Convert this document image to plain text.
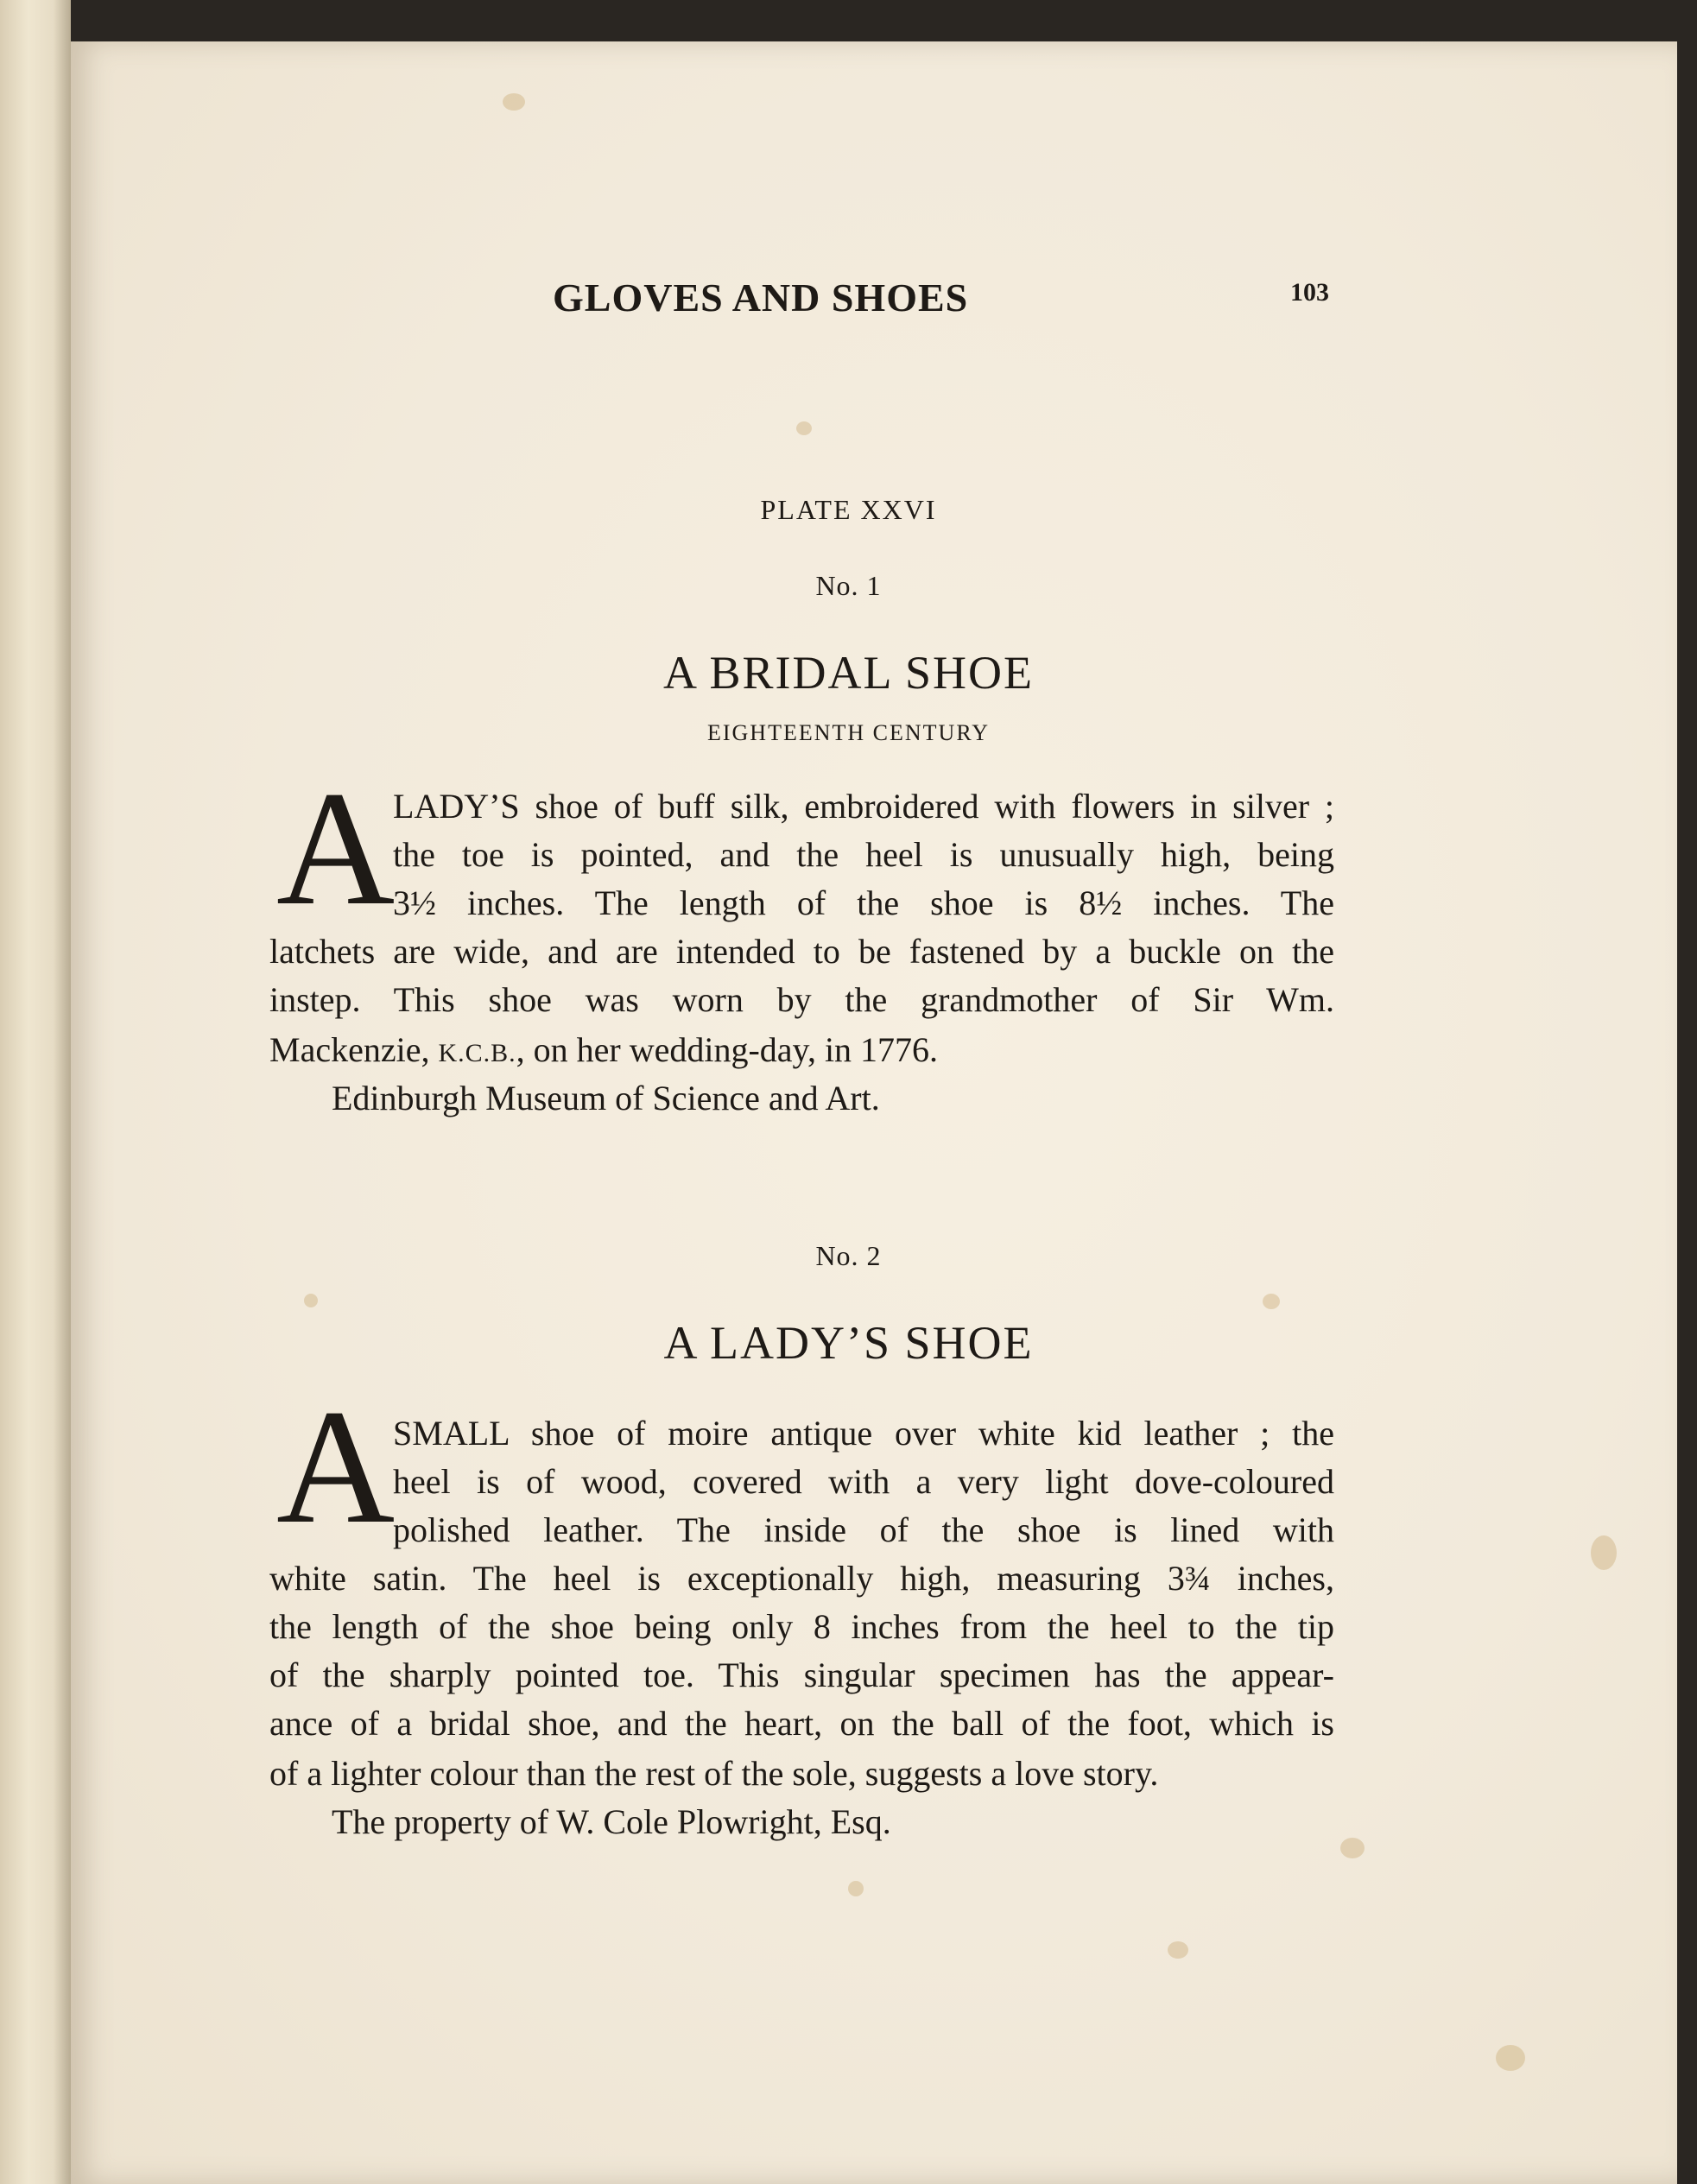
GLOVES AND SHOES	103
PLATE XXVI
No. 1
A BRIDAL SHOE
EIGHTEENTH CENTURY
A
LADY’S shoe of buff silk, embroidered with flowers in silver ;
the toe is pointed, and the heel is unusually high, being
3½ inches. The length of the shoe is 8½ inches. The
latchets are wide, and are intended to be fastened by a buckle on the
instep. This shoe was worn by the grandmother of Sir Wm.
Mackenzie, K.C.B., on her wedding-day, in 1776.
Edinburgh Museum of Science and Art.
No. 2
A LADY’S SHOE
A
SMALL shoe of moire antique over white kid leather ; the
heel is of wood, covered with a very light dove-coloured
polished leather. The inside of the shoe is lined with
white satin. The heel is exceptionally high, measuring 3¾ inches,
the length of the shoe being only 8 inches from the heel to the tip
of the sharply pointed toe. This singular specimen has the appear-
ance of a bridal shoe, and the heart, on the ball of the foot, which is
of a lighter colour than the rest of the sole, suggests a love story.
The property of W. Cole Plowright, Esq.
